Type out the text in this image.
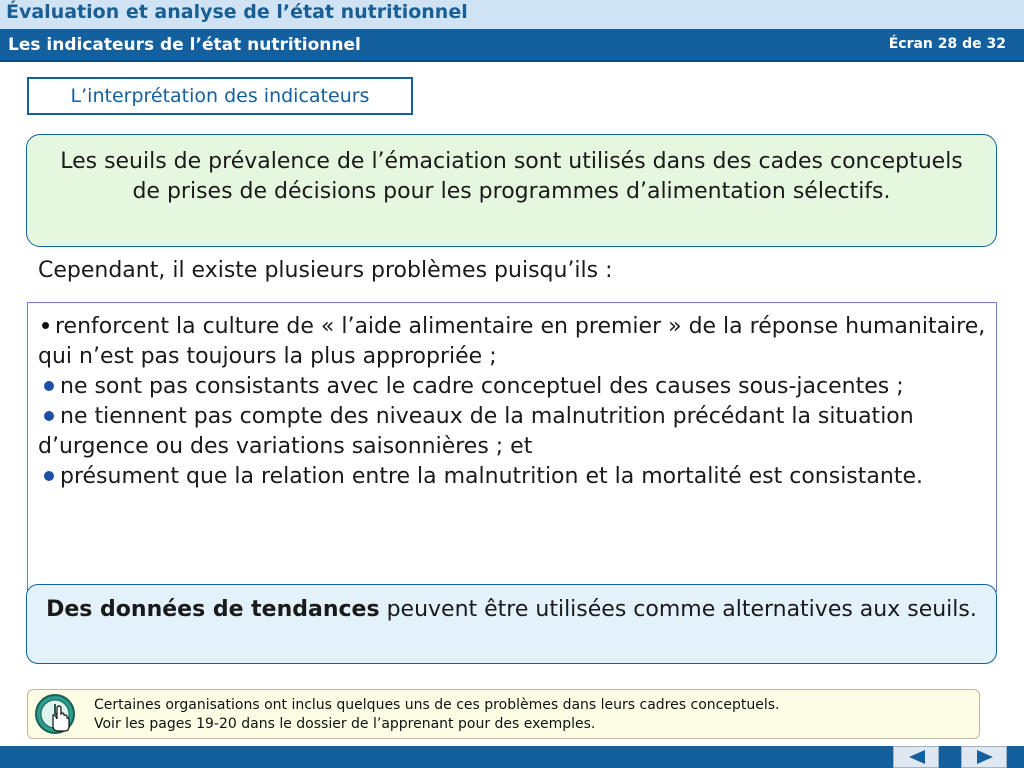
Évaluation et analyse de l’état nutritionnel
Les indicateurs de l’état nutritionnel	Écran 28 de 32
L’interprétation des indicateurs
Les seuils de prévalence de l’émaciation sont utilisés dans des cades conceptuels de prises de décisions pour les programmes d’alimentation sélectifs.
Cependant, il existe plusieurs problèmes puisqu’ils :

renforcent la culture de « l’aide alimentaire en premier » de la réponse humanitaire, qui n’est pas toujours la plus appropriée ;

ne sont pas consistants avec le cadre conceptuel des causes sous-jacentes ;

ne tiennent pas compte des niveaux de la malnutrition précédant la situation d’urgence ou des variations saisonnières ; et

présument que la relation entre la malnutrition et la mortalité est consistante.

Des données de tendances peuvent être utilisées comme alternatives aux seuils.
Certaines organisations ont inclus quelques uns de ces problèmes dans leurs cadres conceptuels.
Voir les pages 19-20 dans le dossier de l’apprenant pour des exemples.
